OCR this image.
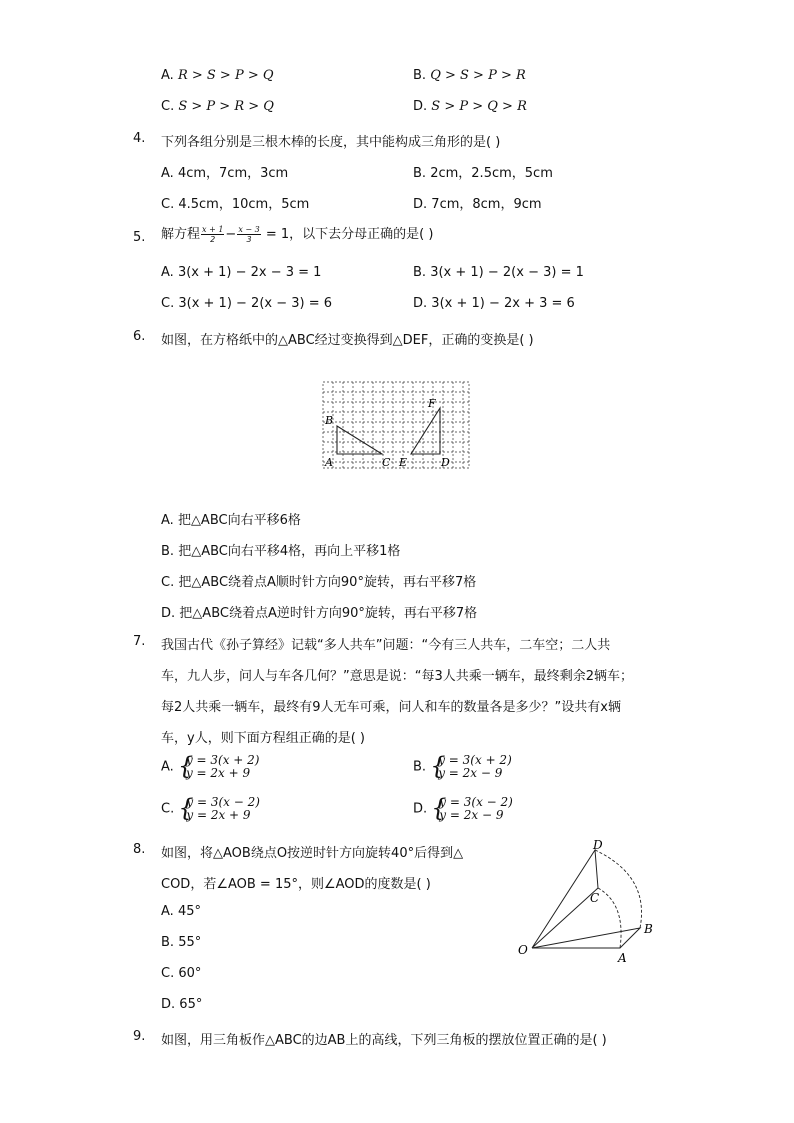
A. R > S > P > Q	B. Q > S > P > R
C. S > P > R > Q	D. S > P > Q > R
4. 下列各组分别是三根木棒的长度，其中能构成三角形的是( )
A. 4cm，7cm，3cm	B. 2cm，2.5cm，5cm
C. 4.5cm，10cm，5cm	D. 7cm，8cm，9cm
5. 解方程 $\frac{x + 1}{2} - \frac{x - 3}{3} = 1$，以下去分母正确的是( )
A. 3(x + 1) − 2x − 3 = 1	B. 3(x + 1) − 2(x − 3) = 1
C. 3(x + 1) − 2(x − 3) = 6	D. 3(x + 1) − 2x + 3 = 6
6. 如图，在方格纸中的△ABC经过变换得到△DEF，正确的变换是( )
A
B
C E	D
F
A. 把△ABC向右平移6格
B. 把△ABC向右平移4格，再向上平移1格
C. 把△ABC绕着点A顺时针方向90°旋转，再右平移7格
D. 把△ABC绕着点A逆时针方向90°旋转，再右平移7格
7. 我国古代《孙子算经》记载“多人共车”问题：“今有三人共车，二车空；二人共
车，九人步，问人与车各几何？”意思是说：“每3人共乘一辆车，最终剩余2辆车；
每2人共乘一辆车，最终有9人无车可乘，问人和车的数量各是多少？”设共有x辆
车，y人，则下面方程组正确的是( )
A. {
y = 3(x + 2)
y = 2x + 9	B. {
y = 3(x + 2)
y = 2x − 9
C. {
y = 3(x − 2)
y = 2x + 9	D. {
y = 3(x − 2)
y = 2x − 9
8. 如图，将△AOB绕点O按逆时针方向旋转40°后得到△
COD，若∠AOB = 15°，则∠AOD的度数是( )
A. 45°
B. 55°
C. 60°
D. 65°
O
A
B
C
D
9. 如图，用三角板作△ABC的边AB上的高线，下列三角板的摆放位置正确的是( )
